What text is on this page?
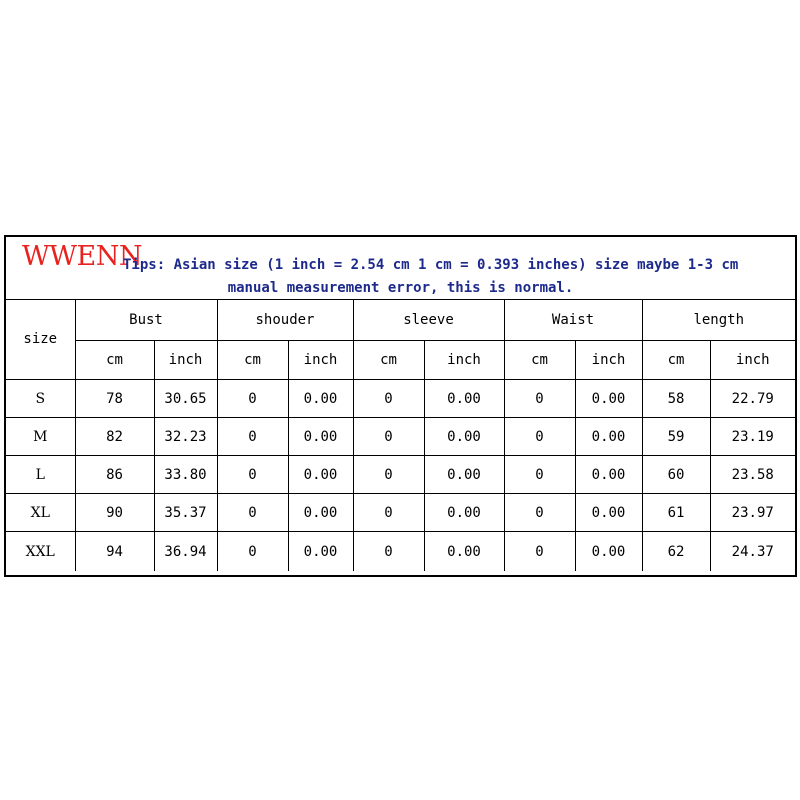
WWENN
Tips: Asian size (1 inch = 2.54 cm 1 cm = 0.393 inches) size maybe 1-3 cm
manual measurement error, this is normal.
size	Bust		shouder		sleeve		Waist		length	
	cm	inch	cm	inch	cm	inch	cm	inch	cm	inch
S	78	30.65	0	0.00	0	0.00	0	0.00	58	22.79
M	82	32.23	0	0.00	0	0.00	0	0.00	59	23.19
L	86	33.80	0	0.00	0	0.00	0	0.00	60	23.58
XL	90	35.37	0	0.00	0	0.00	0	0.00	61	23.97
XXL	94	36.94	0	0.00	0	0.00	0	0.00	62	24.37
